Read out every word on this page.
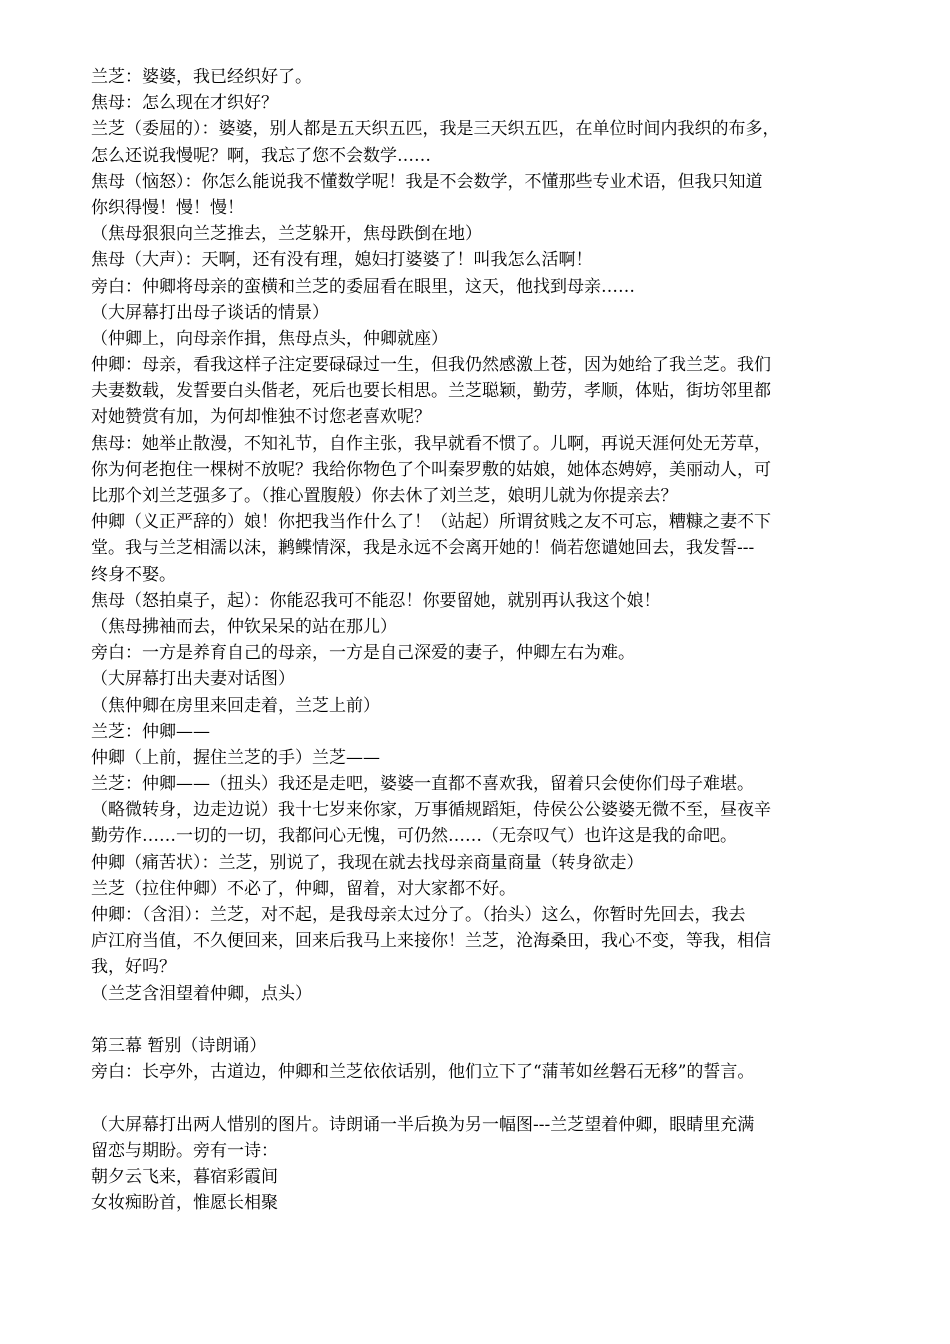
兰芝：婆婆，我已经织好了。
焦母：怎么现在才织好？
兰芝（委屈的）：婆婆，别人都是五天织五匹，我是三天织五匹，在单位时间内我织的布多，
怎么还说我慢呢？啊，我忘了您不会数学……
焦母（恼怒）：你怎么能说我不懂数学呢！我是不会数学，不懂那些专业术语，但我只知道
你织得慢！慢！慢！
（焦母狠狠向兰芝推去，兰芝躲开，焦母跌倒在地）
焦母（大声）：天啊，还有没有理，媳妇打婆婆了！叫我怎么活啊！
旁白：仲卿将母亲的蛮横和兰芝的委屈看在眼里，这天，他找到母亲……
（大屏幕打出母子谈话的情景）
（仲卿上，向母亲作揖，焦母点头，仲卿就座）
仲卿：母亲，看我这样子注定要碌碌过一生，但我仍然感激上苍，因为她给了我兰芝。我们
夫妻数载，发誓要白头偕老，死后也要长相思。兰芝聪颖，勤劳，孝顺，体贴，街坊邻里都
对她赞赏有加，为何却惟独不讨您老喜欢呢？
焦母：她举止散漫，不知礼节，自作主张，我早就看不惯了。儿啊，再说天涯何处无芳草，
你为何老抱住一棵树不放呢？我给你物色了个叫秦罗敷的姑娘，她体态娉婷，美丽动人，可
比那个刘兰芝强多了。（推心置腹般）你去休了刘兰芝，娘明儿就为你提亲去？
仲卿（义正严辞的）娘！你把我当作什么了！（站起）所谓贫贱之友不可忘，糟糠之妻不下
堂。我与兰芝相濡以沫，鹣鲽情深，我是永远不会离开她的！倘若您谴她回去，我发誓---
终身不娶。
焦母（怒拍桌子，起）：你能忍我可不能忍！你要留她，就别再认我这个娘！
（焦母拂袖而去，仲钦呆呆的站在那儿）
旁白：一方是养育自己的母亲，一方是自己深爱的妻子，仲卿左右为难。
（大屏幕打出夫妻对话图）
（焦仲卿在房里来回走着，兰芝上前）
兰芝：仲卿——
仲卿（上前，握住兰芝的手）兰芝——
兰芝：仲卿——（扭头）我还是走吧，婆婆一直都不喜欢我，留着只会使你们母子难堪。
（略微转身，边走边说）我十七岁来你家，万事循规蹈矩，侍侯公公婆婆无微不至，昼夜辛
勤劳作……一切的一切，我都问心无愧，可仍然……（无奈叹气）也许这是我的命吧。
仲卿（痛苦状）：兰芝，别说了，我现在就去找母亲商量商量（转身欲走）
兰芝（拉住仲卿）不必了，仲卿，留着，对大家都不好。
仲卿：（含泪）：兰芝，对不起，是我母亲太过分了。（抬头）这么，你暂时先回去，我去
庐江府当值，不久便回来，回来后我马上来接你！兰芝，沧海桑田，我心不变，等我，相信
我，好吗？
（兰芝含泪望着仲卿，点头）
第三幕 暂别（诗朗诵）
旁白：长亭外，古道边，仲卿和兰芝依依话别，他们立下了“蒲苇如丝磐石无移”的誓言。
（大屏幕打出两人惜别的图片。诗朗诵一半后换为另一幅图---兰芝望着仲卿，眼睛里充满
留恋与期盼。旁有一诗：
朝夕云飞来，暮宿彩霞间
女妆痴盼首，惟愿长相聚
